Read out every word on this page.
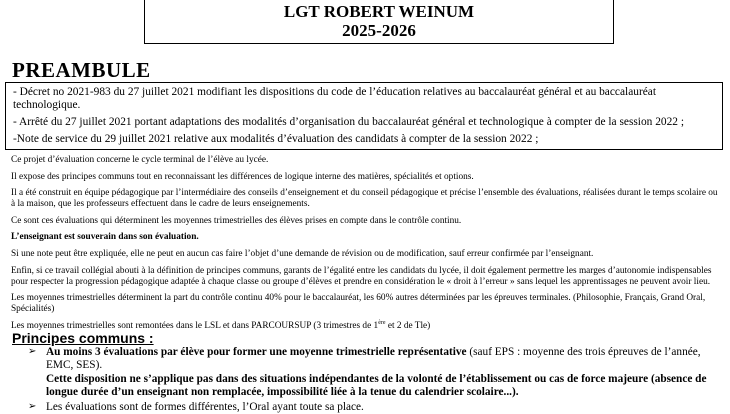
LGT ROBERT WEINUM
2025-2026
PREAMBULE

- Décret no 2021-983 du 27 juillet 2021 modifiant les dispositions du code de l’éducation relatives au baccalauréat général et au baccalauréat technologique.

- Arrêté du 27 juillet 2021 portant adaptations des modalités d’organisation du baccalauréat général et technologique à compter de la session 2022 ;

-Note de service du 29 juillet 2021 relative aux modalités d’évaluation des candidats à compter de la session 2022 ;

Ce projet d’évaluation concerne le cycle terminal de l’élève au lycée.

Il expose des principes communs tout en reconnaissant les différences de logique interne des matières, spécialités et options.

Il a été construit en équipe pédagogique par l’intermédiaire des conseils d’enseignement et du conseil pédagogique et précise l’ensemble des évaluations, réalisées durant le temps scolaire ou à la maison, que les professeurs effectuent dans le cadre de leurs enseignements.

Ce sont ces évaluations qui déterminent les moyennes trimestrielles des élèves prises en compte dans le contrôle continu.

L’enseignant est souverain dans son évaluation.

Si une note peut être expliquée, elle ne peut en aucun cas faire l’objet d’une demande de révision ou de modification, sauf erreur confirmée par l’enseignant.

Enfin, si ce travail collégial abouti à la définition de principes communs, garants de l’égalité entre les candidats du lycée, il doit également permettre les marges d’autonomie indispensables pour respecter la progression pédagogique adaptée à chaque classe ou groupe d’élèves et prendre en considération le « droit à l’erreur » sans lequel les apprentissages ne peuvent avoir lieu.

Les moyennes trimestrielles déterminent la part du contrôle continu 40% pour le baccalauréat, les 60% autres déterminées par les épreuves terminales. (Philosophie, Français, Grand Oral, Spécialités)

Les moyennes trimestrielles sont remontées dans le LSL et dans PARCOURSUP (3 trimestres de 1ère et 2 de Tle)

Principes communs :
➢ Au moins 3 évaluations par élève pour former une moyenne trimestrielle représentative (sauf EPS : moyenne des trois épreuves de l’année, EMC, SES).
Cette disposition ne s’applique pas dans des situations indépendantes de la volonté de l’établissement ou cas de force majeure (absence de longue durée d’un enseignant non remplacée, impossibilité liée à la tenue du calendrier scolaire...).
➢ Les évaluations sont de formes différentes, l’Oral ayant toute sa place.
